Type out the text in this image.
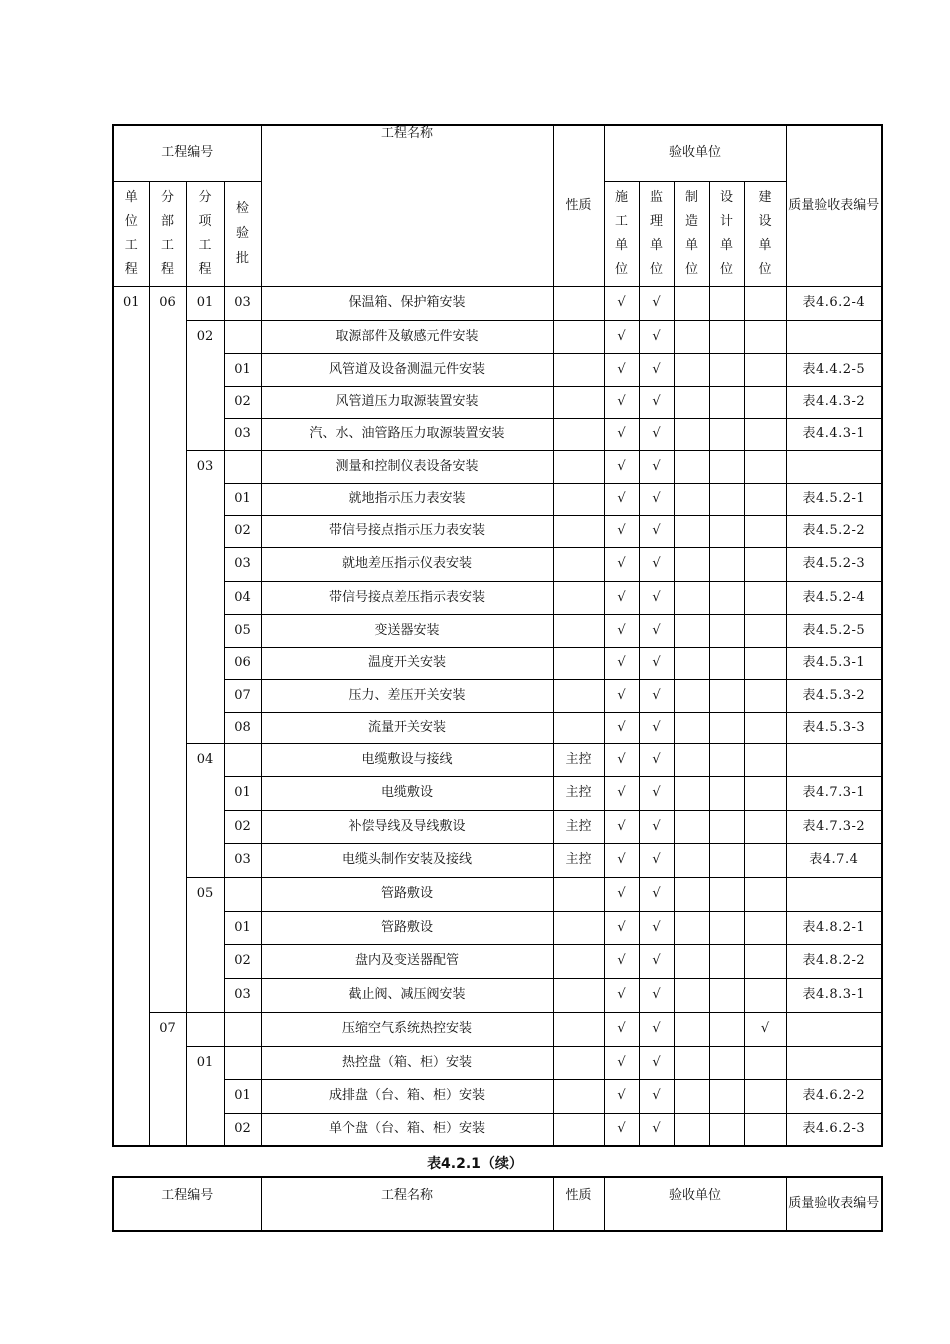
工程编号				工程名称	性质	验收单位					质量验收表编号
单位工程	分部工程	分项工程	检验批			施工单位	监理单位	制造单位	设计单位	建设单位	
01	06	01	03	保温箱、保护箱安装		√	√				表4.6.2-4
		02		取源部件及敏感元件安装		√	√				
			01	风管道及设备测温元件安装		√	√				表4.4.2-5
			02	风管道压力取源装置安装		√	√				表4.4.3-2
			03	汽、水、油管路压力取源装置安装		√	√				表4.4.3-1
		03		测量和控制仪表设备安装		√	√				
			01	就地指示压力表安装		√	√				表4.5.2-1
			02	带信号接点指示压力表安装		√	√				表4.5.2-2
			03	就地差压指示仪表安装		√	√				表4.5.2-3
			04	带信号接点差压指示表安装		√	√				表4.5.2-4
			05	变送器安装		√	√				表4.5.2-5
			06	温度开关安装		√	√				表4.5.3-1
			07	压力、差压开关安装		√	√				表4.5.3-2
			08	流量开关安装		√	√				表4.5.3-3
		04		电缆敷设与接线	主控	√	√				
			01	电缆敷设	主控	√	√				表4.7.3-1
			02	补偿导线及导线敷设	主控	√	√				表4.7.3-2
			03	电缆头制作安装及接线	主控	√	√				表4.7.4
		05		管路敷设		√	√				
			01	管路敷设		√	√				表4.8.2-1
			02	盘内及变送器配管		√	√				表4.8.2-2
			03	截止阀、减压阀安装		√	√				表4.8.3-1
	07			压缩空气系统热控安装		√	√			√	
		01		热控盘（箱、柜）安装		√	√				
			01	成排盘（台、箱、柜）安装		√	√				表4.6.2-2
			02	单个盘（台、箱、柜）安装		√	√				表4.6.2-3
表4.2.1（续）
工程编号	工程名称	性质	验收单位	质量验收表编号
